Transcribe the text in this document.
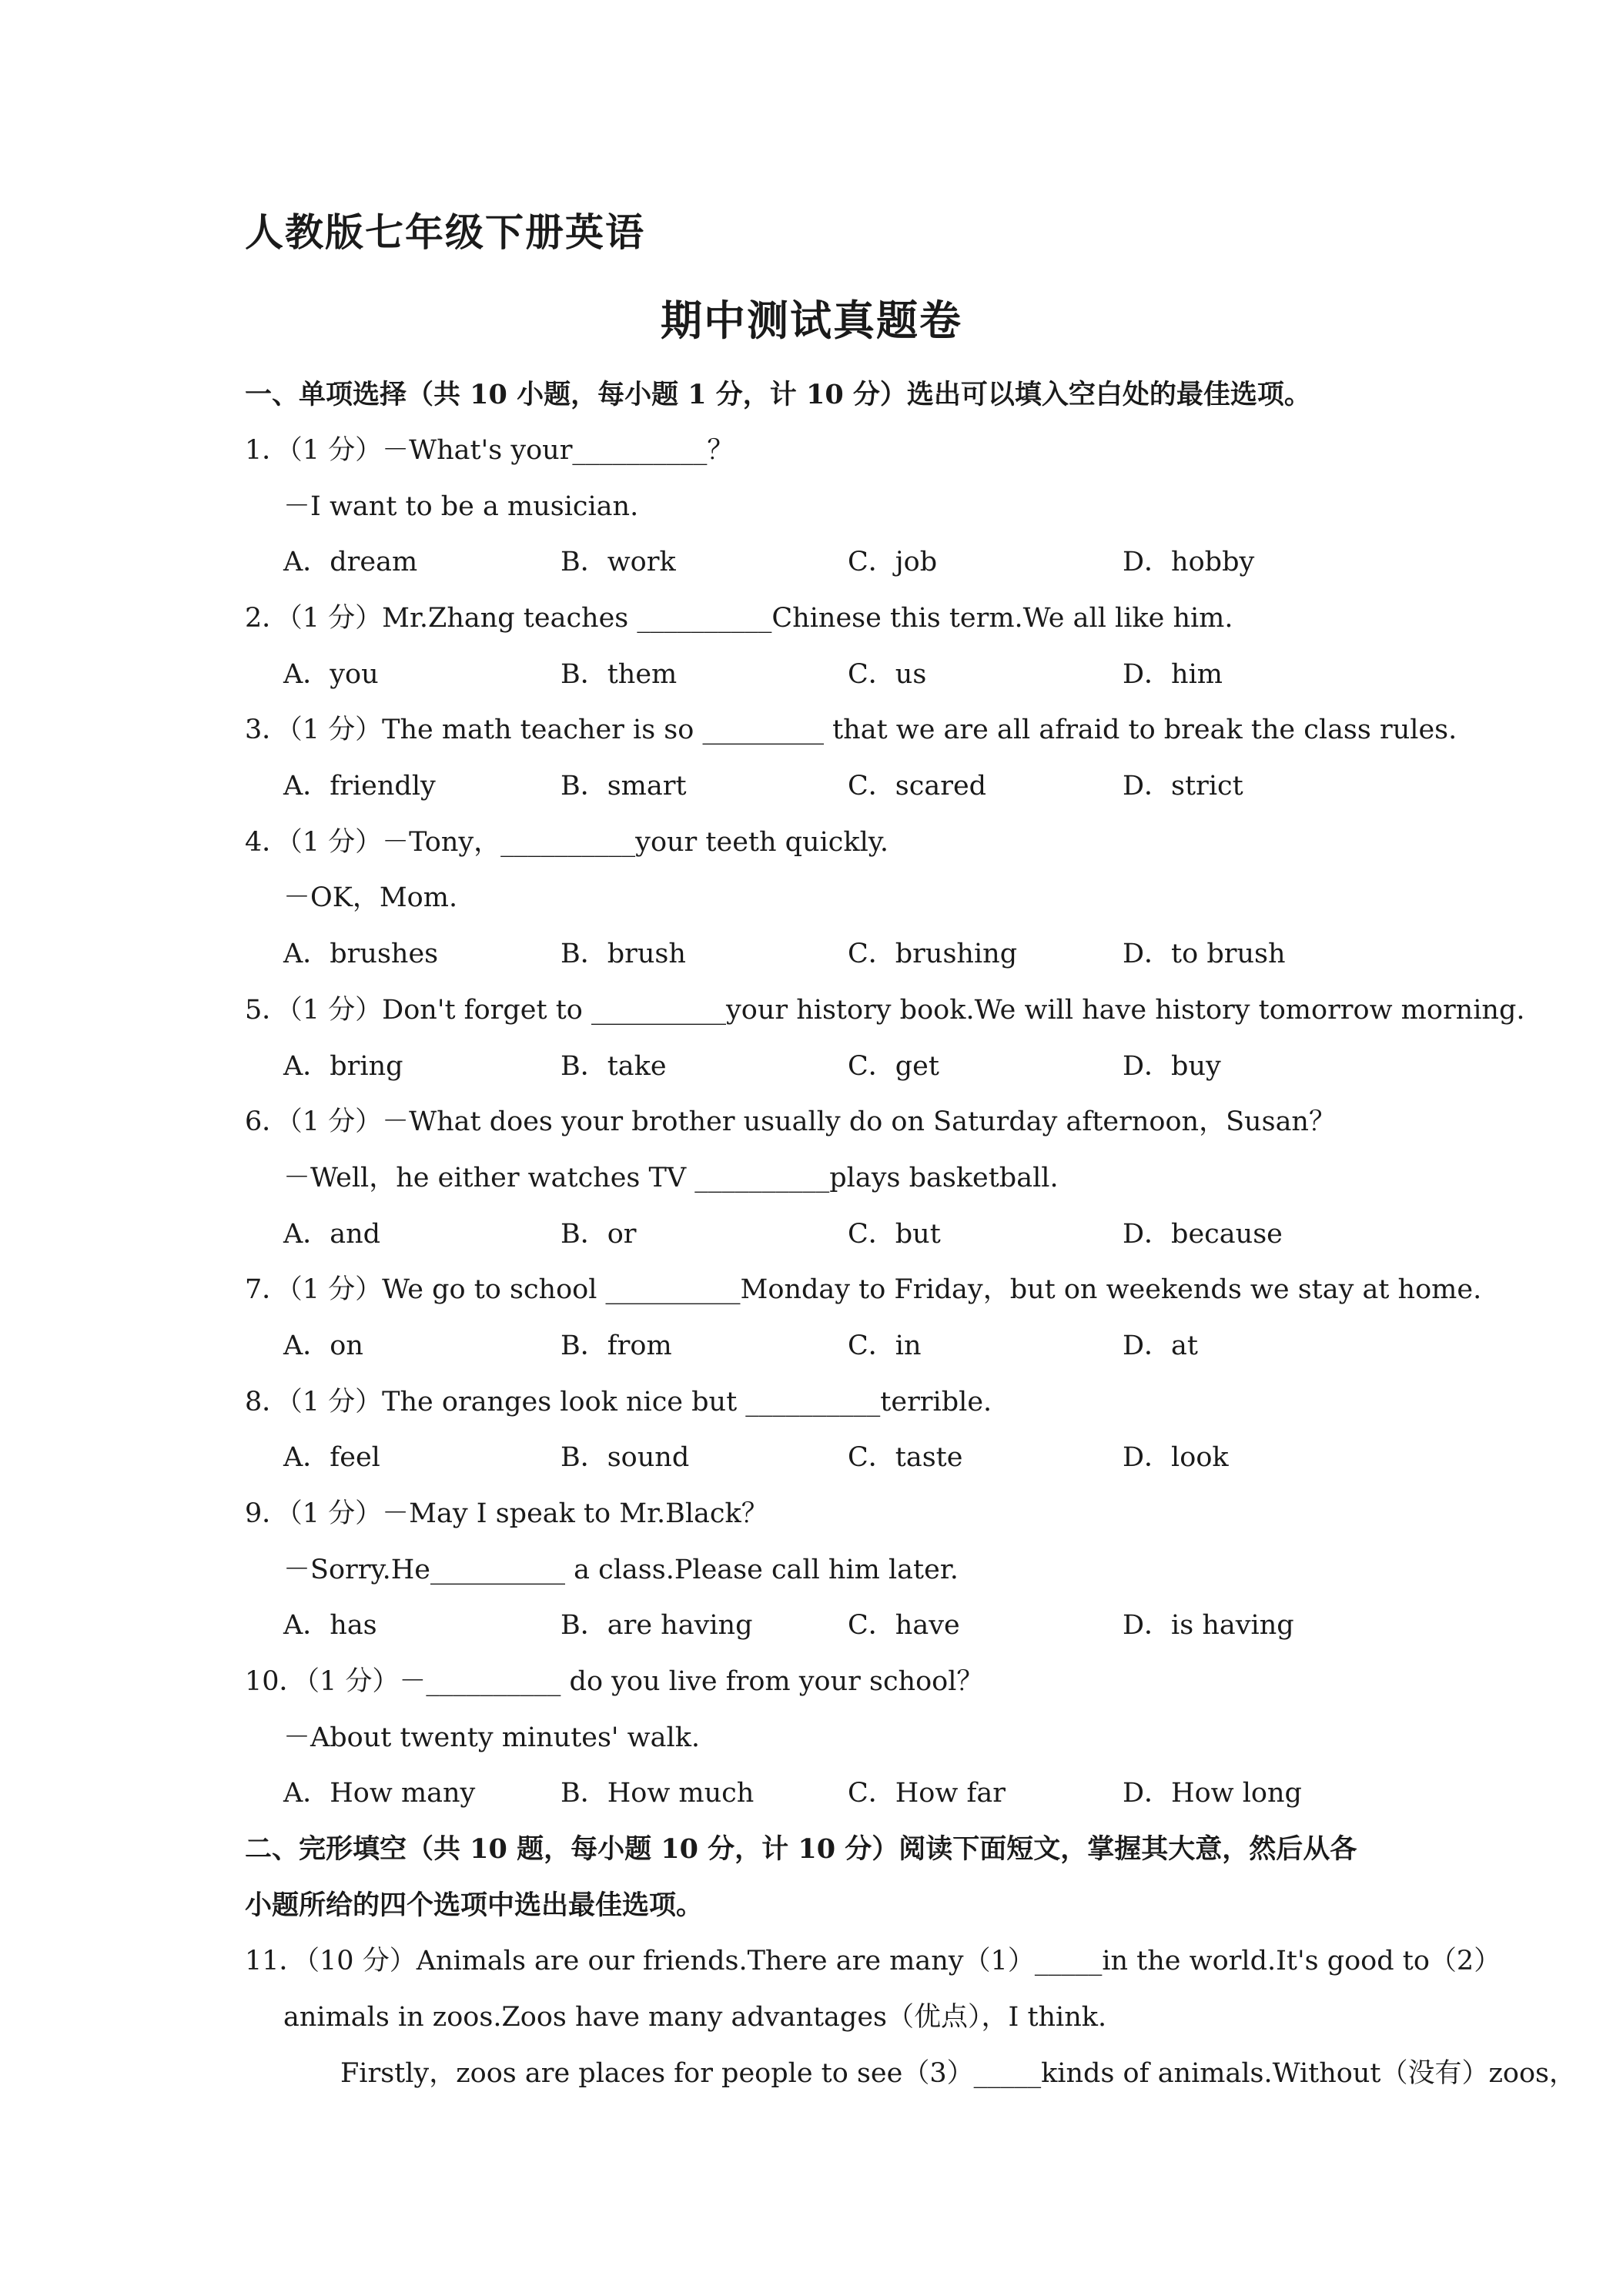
人教版七年级下册英语
期中测试真题卷
一、单项选择（共 10 小题，每小题 1 分，计 10 分）选出可以填入空白处的最佳选项。
1．（1 分）－What's your__________？
－I want to be a musician.
A．dream	B．work	C．job	D．hobby
2．（1 分）Mr.Zhang teaches __________Chinese this term.We all like him.
A．you	B．them	C．us	D．him
3．（1 分）The math teacher is so _________ that we are all afraid to break the class rules.
A．friendly	B．smart	C．scared	D．strict
4．（1 分）－Tony，__________your teeth quickly.
－OK，Mom.
A．brushes	B．brush	C．brushing	D．to brush
5．（1 分）Don't forget to __________your history book.We will have history tomorrow morning.
A．bring	B．take	C．get	D．buy
6．（1 分）－What does your brother usually do on Saturday afternoon，Susan？
－Well，he either watches TV __________plays basketball.
A．and	B．or	C．but	D．because
7．（1 分）We go to school __________Monday to Friday，but on weekends we stay at home.
A．on	B．from	C．in	D．at
8．（1 分）The oranges look nice but __________terrible.
A．feel	B．sound	C．taste	D．look
9．（1 分）－May I speak to Mr.Black？
－Sorry.He__________ a class.Please call him later.
A．has	B．are having	C．have	D．is having
10．（1 分）－__________ do you live from your school？
－About twenty minutes' walk.
A．How many	B．How much	C．How far	D．How long
二、完形填空（共 10 题，每小题 10 分，计 10 分）阅读下面短文，掌握其大意，然后从各
小题所给的四个选项中选出最佳选项。
11．（10 分）Animals are our friends.There are many（1）_____in the world.It's good to（2）
animals in zoos.Zoos have many advantages（优点），I think.
Firstly，zoos are places for people to see（3）_____kinds of animals.Without（没有）zoos，
